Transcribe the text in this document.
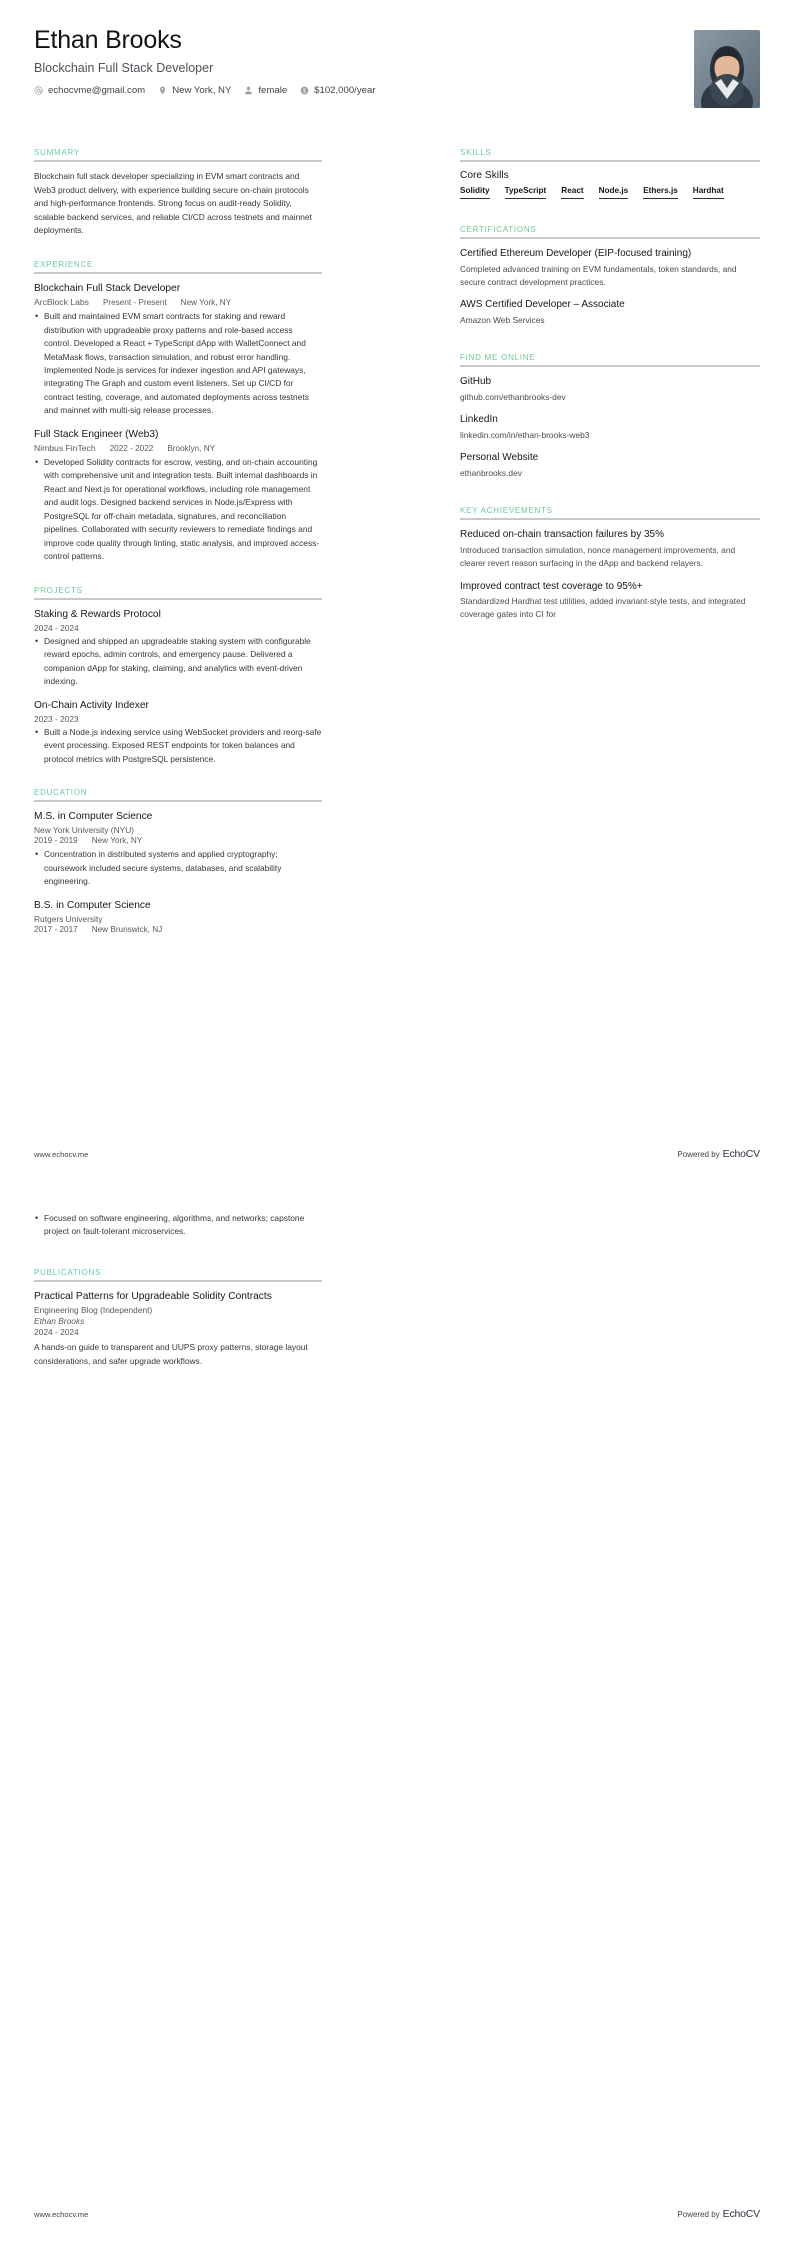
Ethan Brooks
Blockchain Full Stack Developer
echocvme@gmail.com	New York, NY	female $ $102,000/year
SUMMARY
Blockchain full stack developer specializing in EVM smart contracts and Web3 product delivery, with experience building secure on-chain protocols and high-performance frontends. Strong focus on audit-ready Solidity, scalable backend services, and reliable CI/CD across testnets and mainnet deployments.
EXPERIENCE
Blockchain Full Stack Developer
ArcBlock Labs Present - Present New York, NY
• Built and maintained EVM smart contracts for staking and reward distribution with upgradeable proxy patterns and role-based access control. Developed a React + TypeScript dApp with WalletConnect and MetaMask flows, transaction simulation, and robust error handling. Implemented Node.js services for indexer ingestion and API gateways, integrating The Graph and custom event listeners. Set up CI/CD for contract testing, coverage, and automated deployments across testnets and mainnet with multi-sig release processes.
Full Stack Engineer (Web3)
Nimbus FinTech 2022 - 2022 Brooklyn, NY
• Developed Solidity contracts for escrow, vesting, and on-chain accounting with comprehensive unit and integration tests. Built internal dashboards in React and Next.js for operational workflows, including role management and audit logs. Designed backend services in Node.js/Express with PostgreSQL for off-chain metadata, signatures, and reconciliation pipelines. Collaborated with security reviewers to remediate findings and improve code quality through linting, static analysis, and improved access-control patterns.
PROJECTS
Staking & Rewards Protocol
2024 - 2024
• Designed and shipped an upgradeable staking system with configurable reward epochs, admin controls, and emergency pause. Delivered a companion dApp for staking, claiming, and analytics with event-driven indexing.
On-Chain Activity Indexer
2023 - 2023
• Built a Node.js indexing service using WebSocket providers and reorg-safe event processing. Exposed REST endpoints for token balances and protocol metrics with PostgreSQL persistence.
EDUCATION
M.S. in Computer Science
New York University (NYU)
2019 - 2019 New York, NY
• Concentration in distributed systems and applied cryptography; coursework included secure systems, databases, and scalability engineering.
B.S. in Computer Science
Rutgers University
2017 - 2017 New Brunswick, NJ
SKILLS
Core Skills
Solidity TypeScript React Node.js Ethers.js Hardhat
CERTIFICATIONS
Certified Ethereum Developer (EIP-focused training)
Completed advanced training on EVM fundamentals, token standards, and secure contract development practices.
AWS Certified Developer – Associate
Amazon Web Services
FIND ME ONLINE
GitHub
github.com/ethanbrooks-dev
LinkedIn
linkedin.com/in/ethan-brooks-web3
Personal Website
ethanbrooks.dev
KEY ACHIEVEMENTS
Reduced on-chain transaction failures by 35%
Introduced transaction simulation, nonce management improvements, and clearer revert reason surfacing in the dApp and backend relayers.
Improved contract test coverage to 95%+
Standardized Hardhat test utilities, added invariant-style tests, and integrated coverage gates into CI for
www.echocv.me	Powered by EchoCV
• Focused on software engineering, algorithms, and networks; capstone project on fault-tolerant microservices.
PUBLICATIONS
Practical Patterns for Upgradeable Solidity Contracts
Engineering Blog (Independent)
Ethan Brooks
2024 - 2024
A hands-on guide to transparent and UUPS proxy patterns, storage layout considerations, and safer upgrade workflows.
www.echocv.me	Powered by EchoCV
